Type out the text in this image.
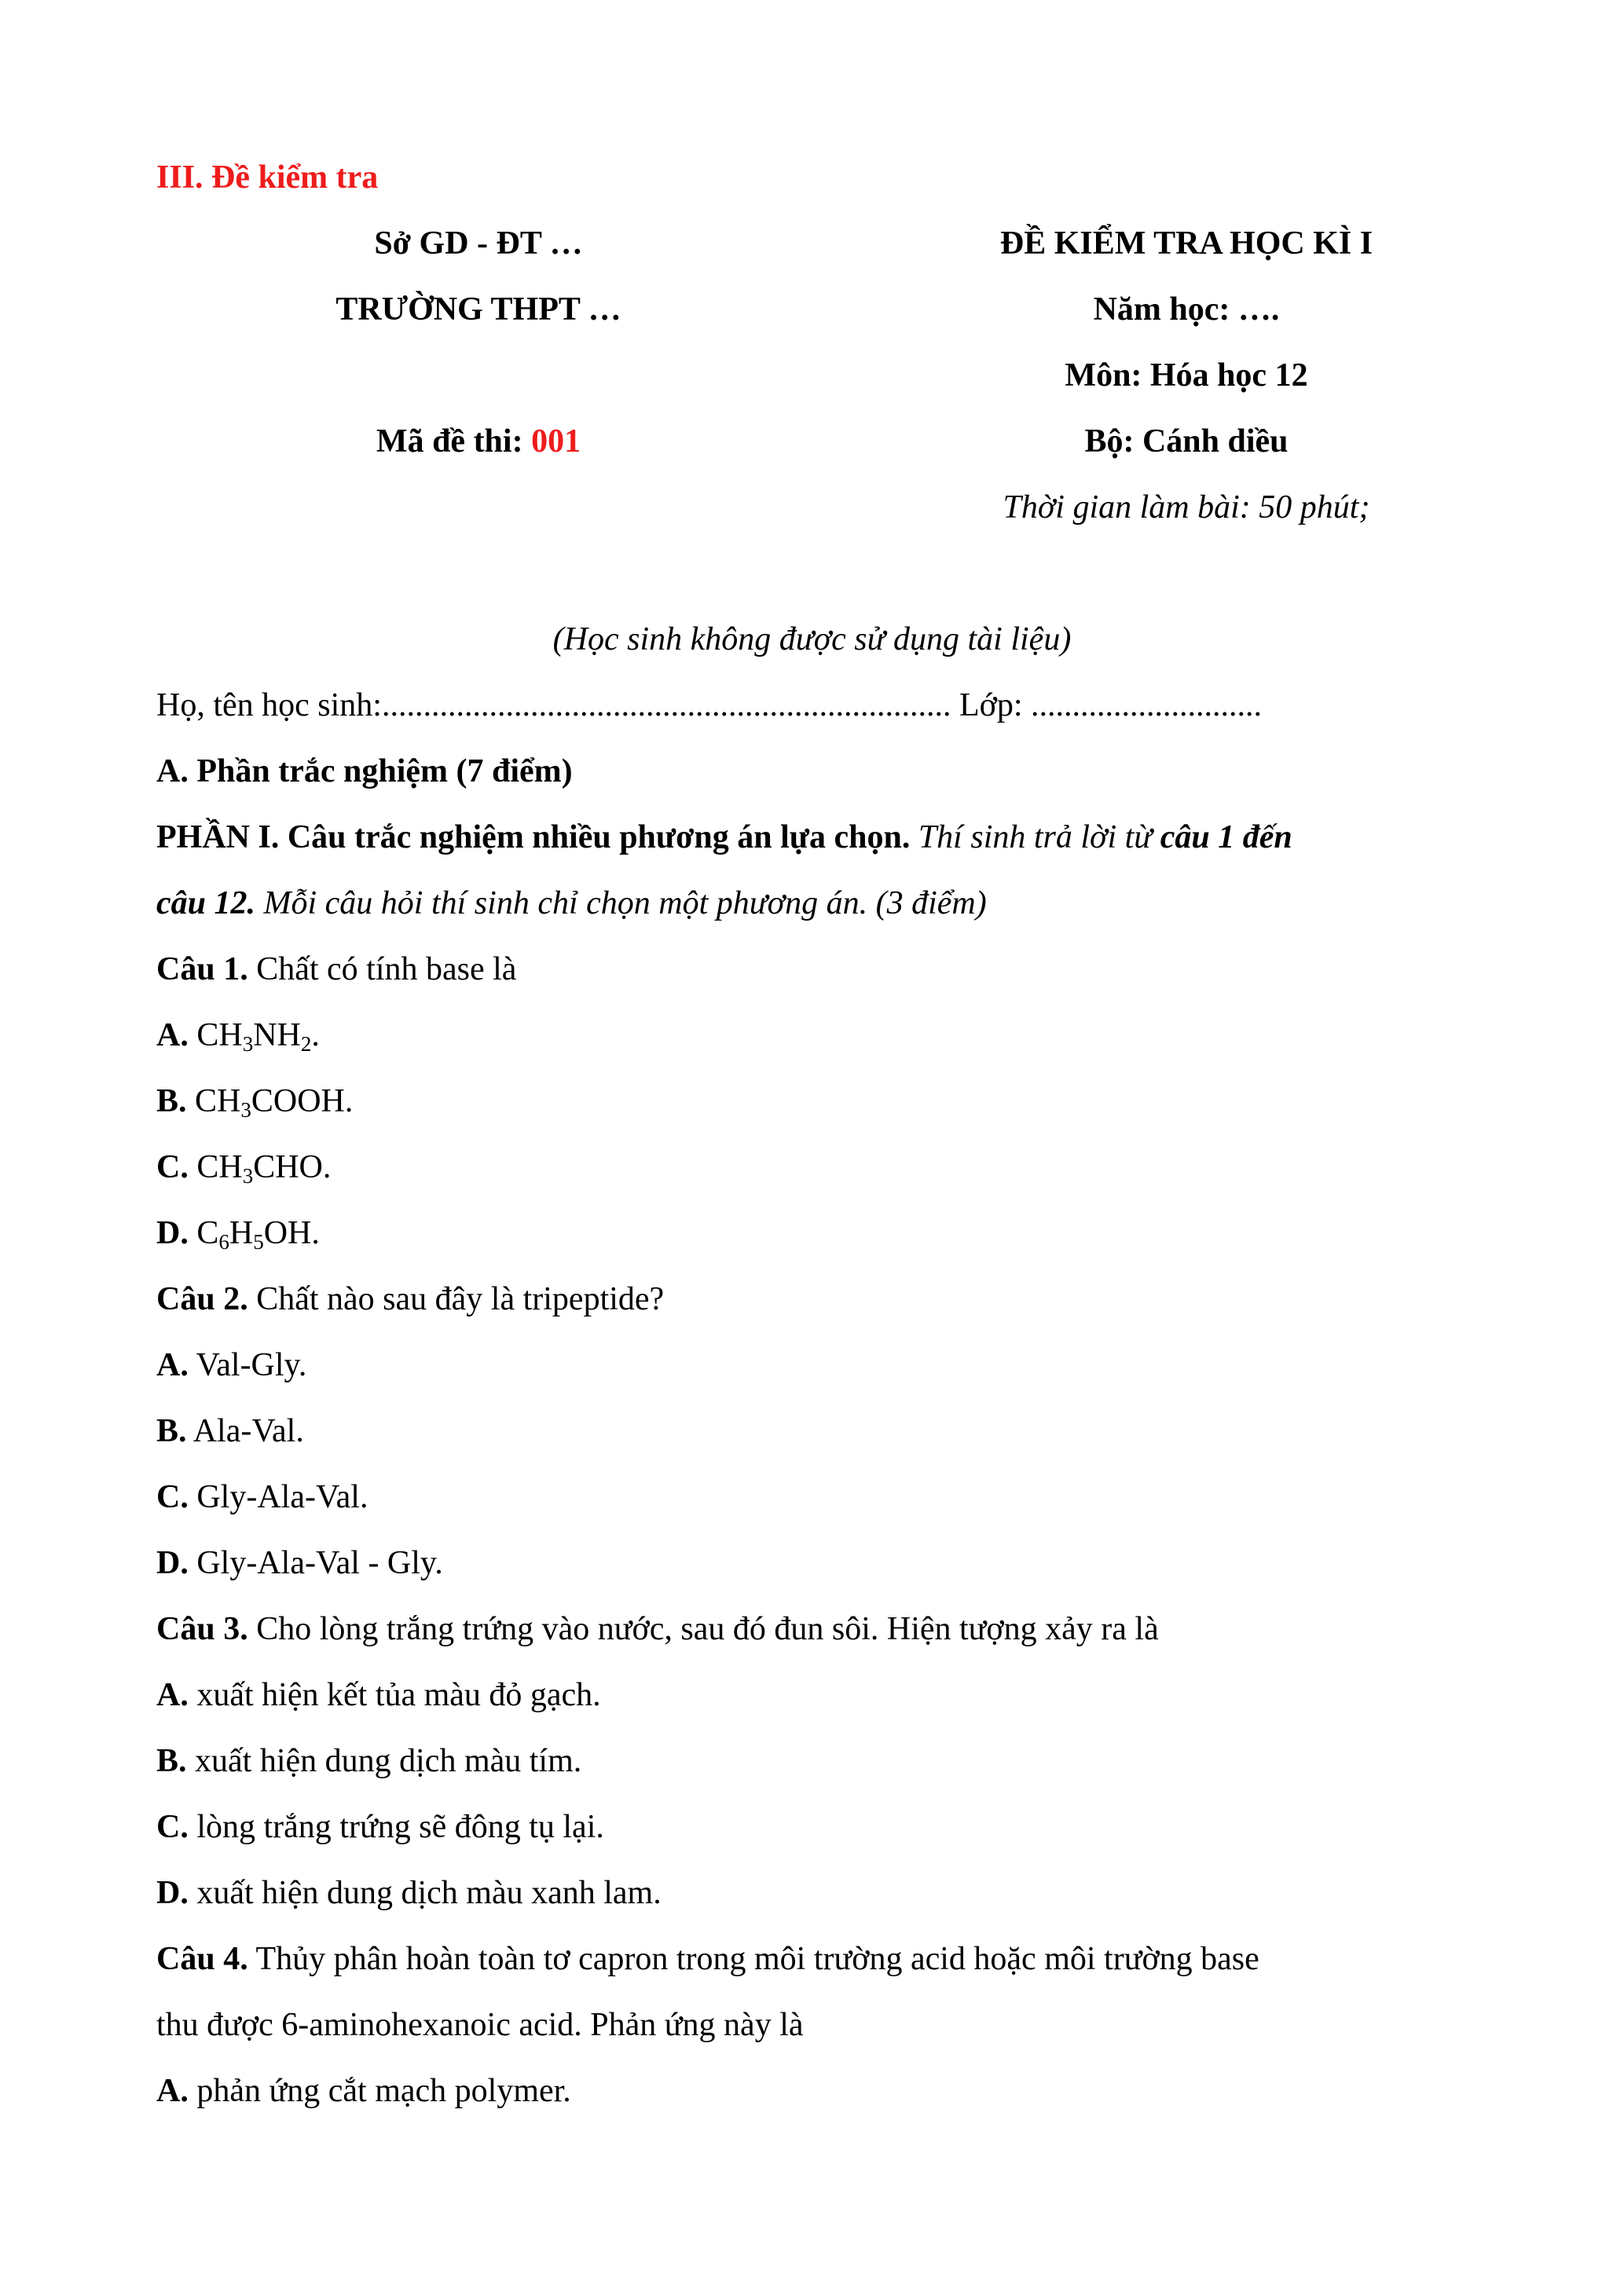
III. Đề kiểm tra
Sở GD - ĐT …
TRƯỜNG THPT …
Mã đề thi: 001
ĐỀ KIỂM TRA HỌC KÌ I
Năm học: ….
Môn: Hóa học 12
Bộ: Cánh diều
Thời gian làm bài: 50 phút;
(Học sinh không được sử dụng tài liệu)
Họ, tên học sinh:..................................................................... Lớp: ............................
A. Phần trắc nghiệm (7 điểm)
PHẦN I. Câu trắc nghiệm nhiều phương án lựa chọn. Thí sinh trả lời từ câu 1 đến
câu 12. Mỗi câu hỏi thí sinh chỉ chọn một phương án. (3 điểm)
Câu 1. Chất có tính base là
A. $CH_3NH_2$.
B. $CH_3COOH$.
C. $CH_3CHO$.
D. $C_6H_5OH$.
Câu 2. Chất nào sau đây là tripeptide?
A. Val-Gly.
B. Ala-Val.
C. Gly-Ala-Val.
D. Gly-Ala-Val - Gly.
Câu 3. Cho lòng trắng trứng vào nước, sau đó đun sôi. Hiện tượng xảy ra là
A. xuất hiện kết tủa màu đỏ gạch.
B. xuất hiện dung dịch màu tím.
C. lòng trắng trứng sẽ đông tụ lại.
D. xuất hiện dung dịch màu xanh lam.
Câu 4. Thủy phân hoàn toàn tơ capron trong môi trường acid hoặc môi trường base
thu được 6-aminohexanoic acid. Phản ứng này là
A. phản ứng cắt mạch polymer.
